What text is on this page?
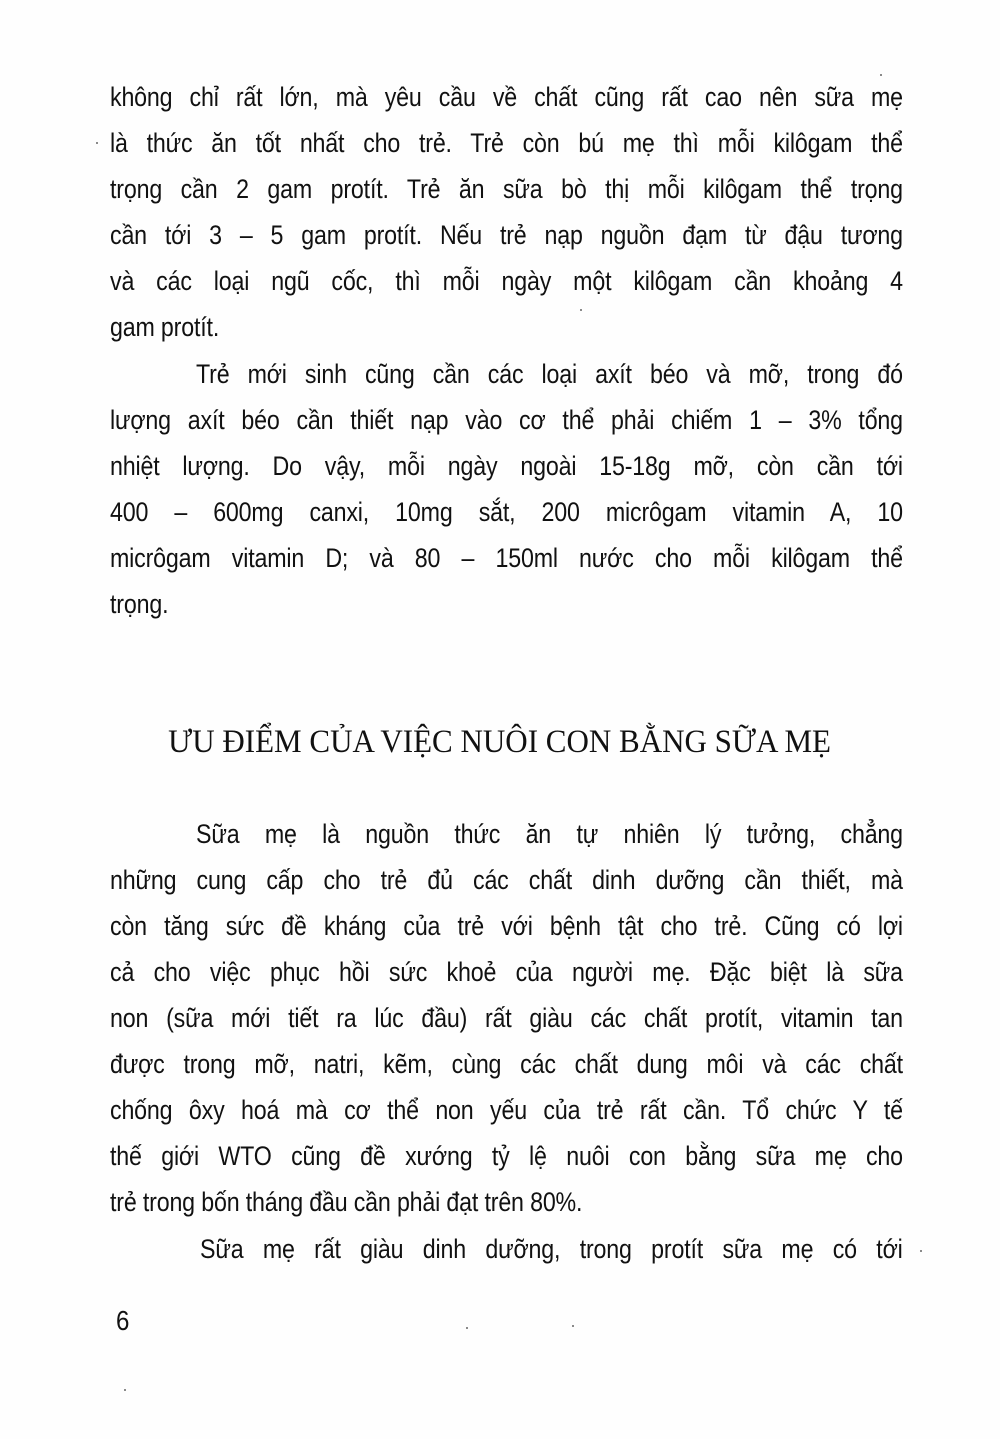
không chỉ rất lớn, mà yêu cầu về chất cũng rất cao nên sữa mẹ
là thức ăn tốt nhất cho trẻ. Trẻ còn bú mẹ thì mỗi kilôgam thể
trọng cần 2 gam protít. Trẻ ăn sữa bò thị mỗi kilôgam thể trọng
cần tới 3 – 5 gam protít. Nếu trẻ nạp nguồn đạm từ đậu tương
và các loại ngũ cốc, thì mỗi ngày một kilôgam cần khoảng 4
gam protít.
Trẻ mới sinh cũng cần các loại axít béo và mỡ, trong đó
lượng axít béo cần thiết nạp vào cơ thể phải chiếm 1 – 3% tổng
nhiệt lượng. Do vậy, mỗi ngày ngoài 15-18g mỡ, còn cần tới
400 – 600mg canxi, 10mg sắt, 200 micrôgam vitamin A, 10
micrôgam vitamin D; và 80 – 150ml nước cho mỗi kilôgam thể
trọng.
ƯU ĐIỂM CỦA VIỆC NUÔI CON BẰNG SỮA MẸ
Sữa mẹ là nguồn thức ăn tự nhiên lý tưởng, chẳng
những cung cấp cho trẻ đủ các chất dinh dưỡng cần thiết, mà
còn tăng sức đề kháng của trẻ với bệnh tật cho trẻ. Cũng có lợi
cả cho việc phục hồi sức khoẻ của người mẹ. Đặc biệt là sữa
non (sữa mới tiết ra lúc đầu) rất giàu các chất protít, vitamin tan
được trong mỡ, natri, kẽm, cùng các chất dung môi và các chất
chống ôxy hoá mà cơ thể non yếu của trẻ rất cần. Tổ chức Y tế
thế giới WTO cũng đề xướng tỷ lệ nuôi con bằng sữa mẹ cho
trẻ trong bốn tháng đầu cần phải đạt trên 80%.
Sữa mẹ rất giàu dinh dưỡng, trong protít sữa mẹ có tới
6
